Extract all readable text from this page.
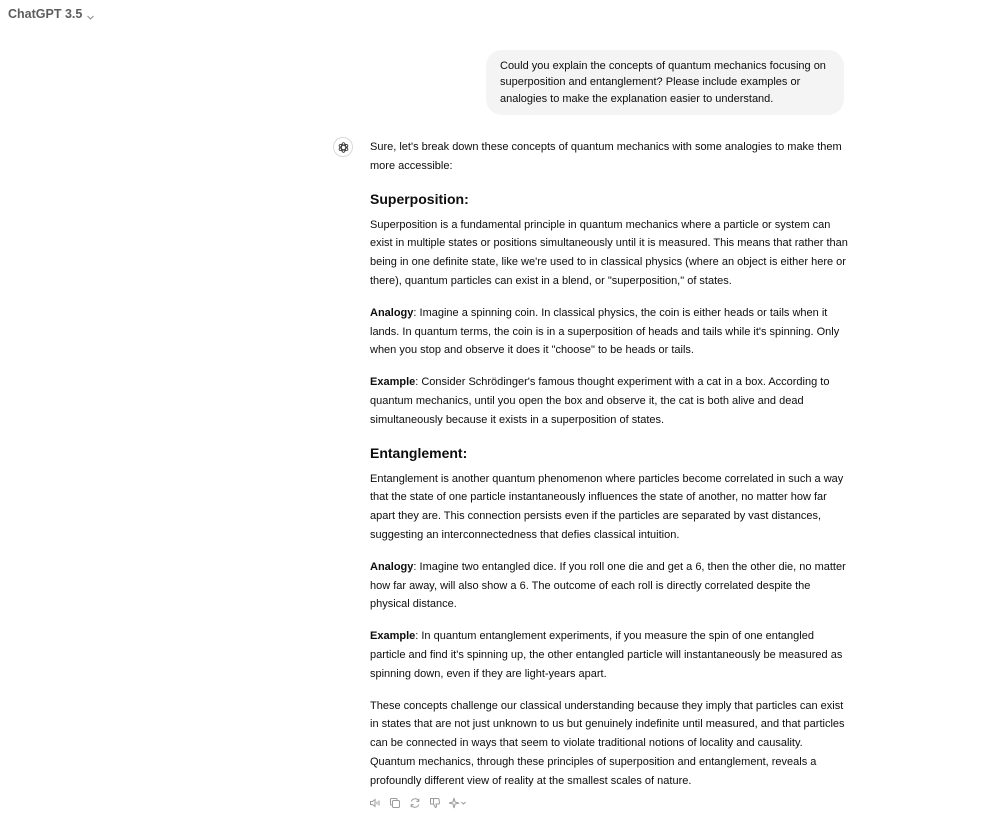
ChatGPT 3.5
Could you explain the concepts of quantum mechanics focusing on superposition and entanglement? Please include examples or analogies to make the explanation easier to understand.

Sure, let's break down these concepts of quantum mechanics with some analogies to make them more accessible:

Superposition:

Superposition is a fundamental principle in quantum mechanics where a particle or system can exist in multiple states or positions simultaneously until it is measured. This means that rather than being in one definite state, like we're used to in classical physics (where an object is either here or there), quantum particles can exist in a blend, or "superposition," of states.

Analogy: Imagine a spinning coin. In classical physics, the coin is either heads or tails when it lands. In quantum terms, the coin is in a superposition of heads and tails while it's spinning. Only when you stop and observe it does it "choose" to be heads or tails.

Example: Consider Schrödinger's famous thought experiment with a cat in a box. According to quantum mechanics, until you open the box and observe it, the cat is both alive and dead simultaneously because it exists in a superposition of states.

Entanglement:

Entanglement is another quantum phenomenon where particles become correlated in such a way that the state of one particle instantaneously influences the state of another, no matter how far apart they are. This connection persists even if the particles are separated by vast distances, suggesting an interconnectedness that defies classical intuition.

Analogy: Imagine two entangled dice. If you roll one die and get a 6, then the other die, no matter how far away, will also show a 6. The outcome of each roll is directly correlated despite the physical distance.

Example: In quantum entanglement experiments, if you measure the spin of one entangled particle and find it's spinning up, the other entangled particle will instantaneously be measured as spinning down, even if they are light-years apart.

These concepts challenge our classical understanding because they imply that particles can exist in states that are not just unknown to us but genuinely indefinite until measured, and that particles can be connected in ways that seem to violate traditional notions of locality and causality. Quantum mechanics, through these principles of superposition and entanglement, reveals a profoundly different view of reality at the smallest scales of nature.
